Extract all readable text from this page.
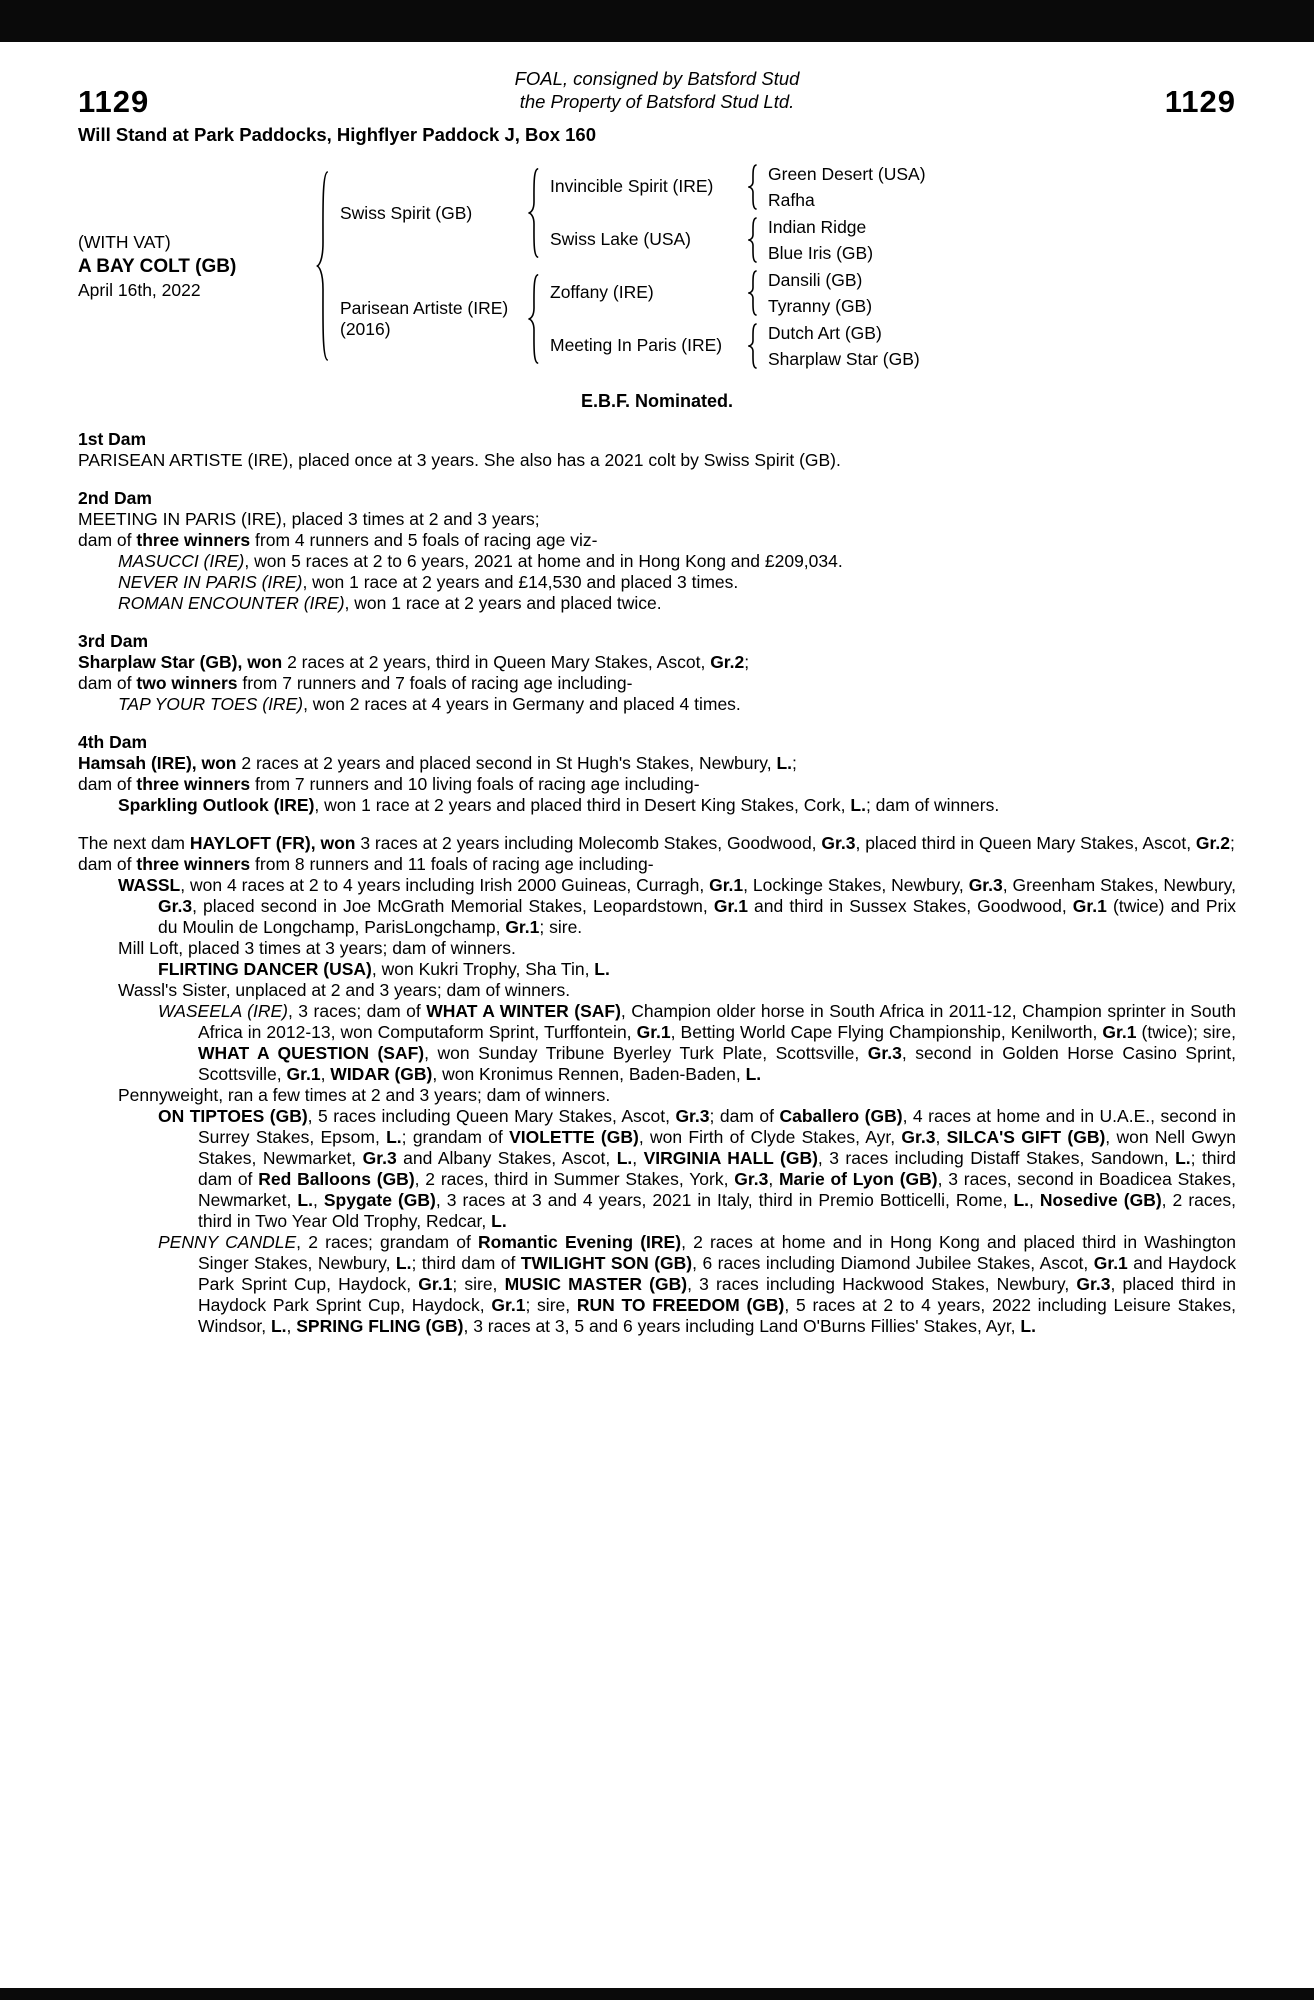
FOAL, consigned by Batsford Stud
1129	the Property of Batsford Stud Ltd.	1129
Will Stand at Park Paddocks, Highflyer Paddock J, Box 160
(WITH VAT)
A BAY COLT (GB)
April 16th, 2022
Swiss Spirit (GB)
Invincible Spirit (IRE)
Green Desert (USA)
Rafha
Swiss Lake (USA)
Indian Ridge
Blue Iris (GB)
Parisean Artiste (IRE)
(2016)
Zoffany (IRE)
Dansili (GB)
Tyranny (GB)
Meeting In Paris (IRE)
Dutch Art (GB)
Sharplaw Star (GB)
E.B.F. Nominated.
1st Dam
PARISEAN ARTISTE (IRE), placed once at 3 years. She also has a 2021 colt by Swiss Spirit (GB).
2nd Dam
MEETING IN PARIS (IRE), placed 3 times at 2 and 3 years;
dam of three winners from 4 runners and 5 foals of racing age viz-
MASUCCI (IRE), won 5 races at 2 to 6 years, 2021 at home and in Hong Kong and £209,034.
NEVER IN PARIS (IRE), won 1 race at 2 years and £14,530 and placed 3 times.
ROMAN ENCOUNTER (IRE), won 1 race at 2 years and placed twice.
3rd Dam
Sharplaw Star (GB), won 2 races at 2 years, third in Queen Mary Stakes, Ascot, Gr.2;
dam of two winners from 7 runners and 7 foals of racing age including-
TAP YOUR TOES (IRE), won 2 races at 4 years in Germany and placed 4 times.
4th Dam
Hamsah (IRE), won 2 races at 2 years and placed second in St Hugh's Stakes, Newbury, L.;
dam of three winners from 7 runners and 10 living foals of racing age including-
Sparkling Outlook (IRE), won 1 race at 2 years and placed third in Desert King Stakes, Cork, L.; dam of winners.
The next dam HAYLOFT (FR), won 3 races at 2 years including Molecomb Stakes, Goodwood, Gr.3, placed third in Queen Mary Stakes, Ascot, Gr.2;
dam of three winners from 8 runners and 11 foals of racing age including-
WASSL, won 4 races at 2 to 4 years including Irish 2000 Guineas, Curragh, Gr.1, Lockinge Stakes, Newbury, Gr.3, Greenham Stakes, Newbury, Gr.3, placed second in Joe McGrath Memorial Stakes, Leopardstown, Gr.1 and third in Sussex Stakes, Goodwood, Gr.1 (twice) and Prix du Moulin de Longchamp, ParisLongchamp, Gr.1; sire.
Mill Loft, placed 3 times at 3 years; dam of winners.
FLIRTING DANCER (USA), won Kukri Trophy, Sha Tin, L.
Wassl's Sister, unplaced at 2 and 3 years; dam of winners.
WASEELA (IRE), 3 races; dam of WHAT A WINTER (SAF), Champion older horse in South Africa in 2011-12, Champion sprinter in South Africa in 2012-13, won Computaform Sprint, Turffontein, Gr.1, Betting World Cape Flying Championship, Kenilworth, Gr.1 (twice); sire, WHAT A QUESTION (SAF), won Sunday Tribune Byerley Turk Plate, Scottsville, Gr.3, second in Golden Horse Casino Sprint, Scottsville, Gr.1, WIDAR (GB), won Kronimus Rennen, Baden-Baden, L.
Pennyweight, ran a few times at 2 and 3 years; dam of winners.
ON TIPTOES (GB), 5 races including Queen Mary Stakes, Ascot, Gr.3; dam of Caballero (GB), 4 races at home and in U.A.E., second in Surrey Stakes, Epsom, L.; grandam of VIOLETTE (GB), won Firth of Clyde Stakes, Ayr, Gr.3, SILCA'S GIFT (GB), won Nell Gwyn Stakes, Newmarket, Gr.3 and Albany Stakes, Ascot, L., VIRGINIA HALL (GB), 3 races including Distaff Stakes, Sandown, L.; third dam of Red Balloons (GB), 2 races, third in Summer Stakes, York, Gr.3, Marie of Lyon (GB), 3 races, second in Boadicea Stakes, Newmarket, L., Spygate (GB), 3 races at 3 and 4 years, 2021 in Italy, third in Premio Botticelli, Rome, L., Nosedive (GB), 2 races, third in Two Year Old Trophy, Redcar, L.
PENNY CANDLE, 2 races; grandam of Romantic Evening (IRE), 2 races at home and in Hong Kong and placed third in Washington Singer Stakes, Newbury, L.; third dam of TWILIGHT SON (GB), 6 races including Diamond Jubilee Stakes, Ascot, Gr.1 and Haydock Park Sprint Cup, Haydock, Gr.1; sire, MUSIC MASTER (GB), 3 races including Hackwood Stakes, Newbury, Gr.3, placed third in Haydock Park Sprint Cup, Haydock, Gr.1; sire, RUN TO FREEDOM (GB), 5 races at 2 to 4 years, 2022 including Leisure Stakes, Windsor, L., SPRING FLING (GB), 3 races at 3, 5 and 6 years including Land O'Burns Fillies' Stakes, Ayr, L.
